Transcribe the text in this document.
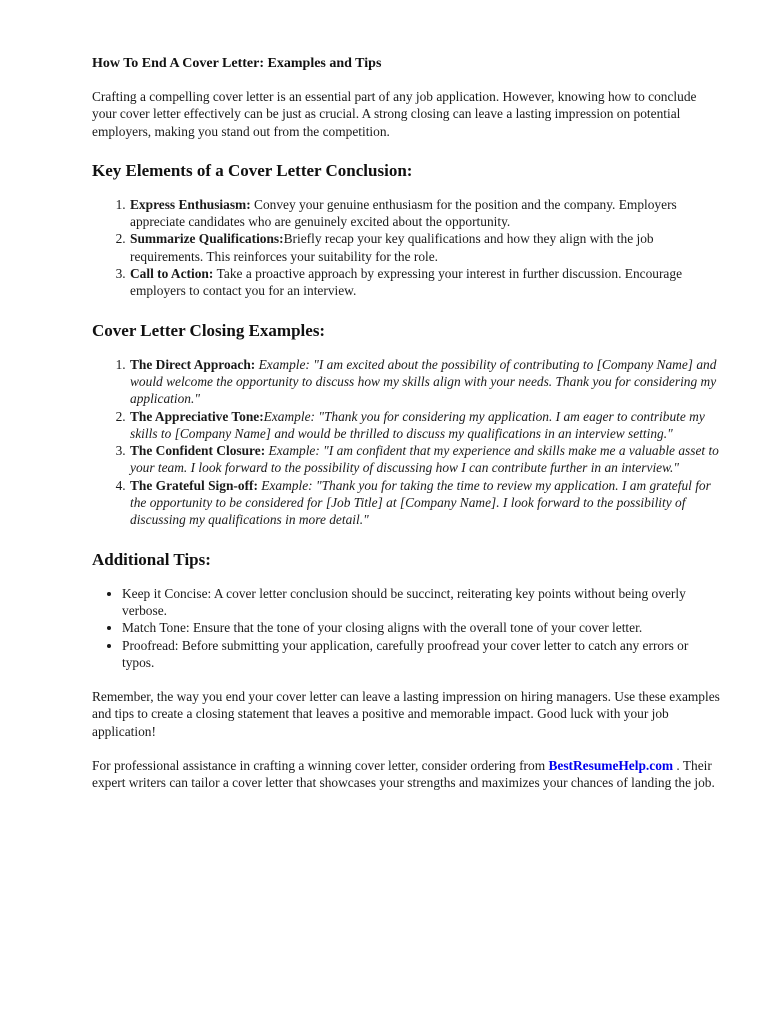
How To End A Cover Letter: Examples and Tips

Crafting a compelling cover letter is an essential part of any job application. However, knowing how to conclude your cover letter effectively can be just as crucial. A strong closing can leave a lasting impression on potential employers, making you stand out from the competition.

Key Elements of a Cover Letter Conclusion:
1. Express Enthusiasm: Convey your genuine enthusiasm for the position and the company. Employers appreciate candidates who are genuinely excited about the opportunity.
2. Summarize Qualifications:Briefly recap your key qualifications and how they align with the job requirements. This reinforces your suitability for the role.
3. Call to Action: Take a proactive approach by expressing your interest in further discussion. Encourage employers to contact you for an interview.
Cover Letter Closing Examples:
1. The Direct Approach: Example: "I am excited about the possibility of contributing to [Company Name] and would welcome the opportunity to discuss how my skills align with your needs. Thank you for considering my application."
2. The Appreciative Tone:Example: "Thank you for considering my application. I am eager to contribute my skills to [Company Name] and would be thrilled to discuss my qualifications in an interview setting."
3. The Confident Closure: Example: "I am confident that my experience and skills make me a valuable asset to your team. I look forward to the possibility of discussing how I can contribute further in an interview."
4. The Grateful Sign-off: Example: "Thank you for taking the time to review my application. I am grateful for the opportunity to be considered for [Job Title] at [Company Name]. I look forward to the possibility of discussing my qualifications in more detail."
Additional Tips:
• Keep it Concise: A cover letter conclusion should be succinct, reiterating key points without being overly verbose.
• Match Tone: Ensure that the tone of your closing aligns with the overall tone of your cover letter.
• Proofread: Before submitting your application, carefully proofread your cover letter to catch any errors or typos.

Remember, the way you end your cover letter can leave a lasting impression on hiring managers. Use these examples and tips to create a closing statement that leaves a positive and memorable impact. Good luck with your job application!

For professional assistance in crafting a winning cover letter, consider ordering from BestResumeHelp.com . Their expert writers can tailor a cover letter that showcases your strengths and maximizes your chances of landing the job.
